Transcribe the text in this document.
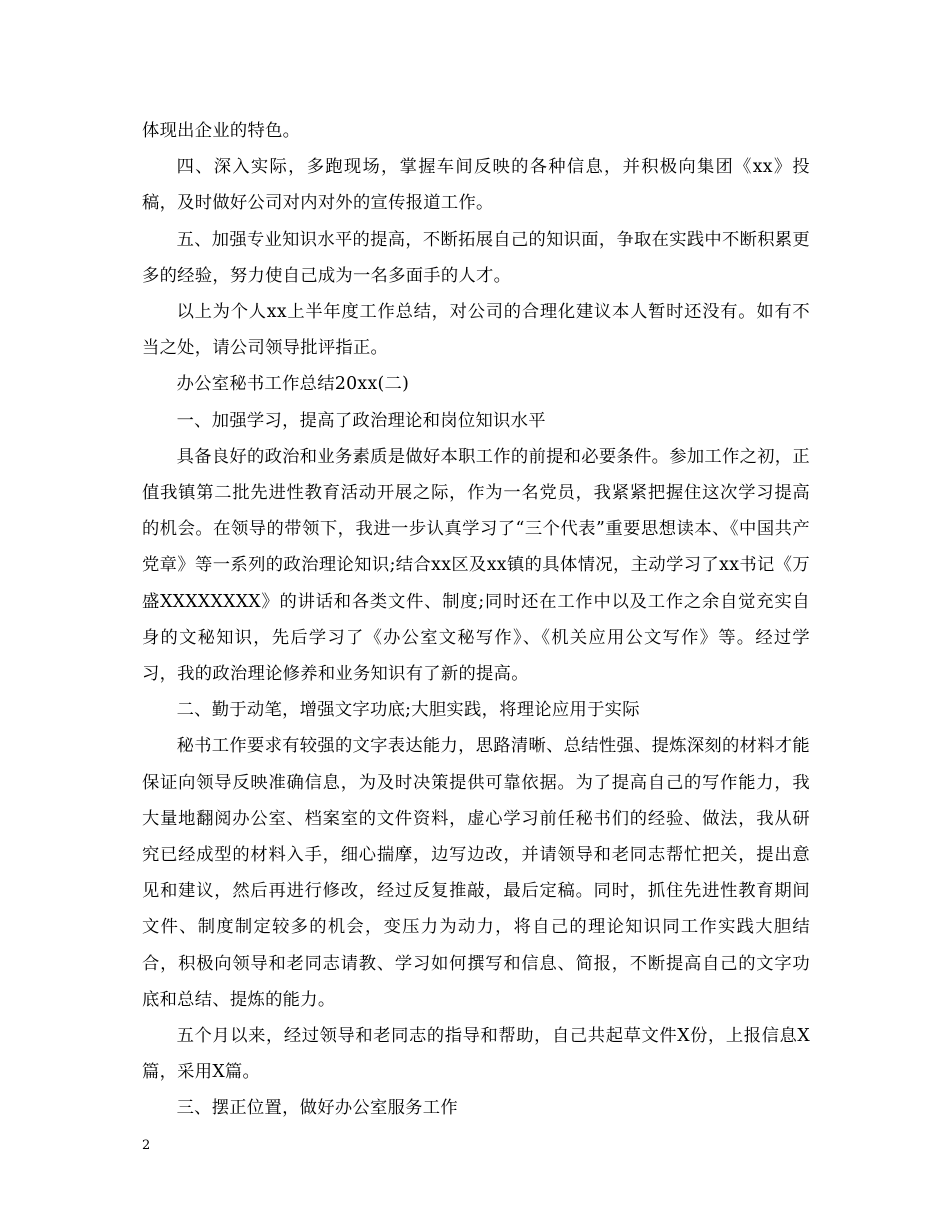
体现出企业的特色。

四、深入实际，多跑现场，掌握车间反映的各种信息，并积极向集团《xx》投稿，及时做好公司对内对外的宣传报道工作。

五、加强专业知识水平的提高，不断拓展自己的知识面，争取在实践中不断积累更多的经验，努力使自己成为一名多面手的人才。

以上为个人xx上半年度工作总结，对公司的合理化建议本人暂时还没有。如有不当之处，请公司领导批评指正。

办公室秘书工作总结20xx(二)

一、加强学习，提高了政治理论和岗位知识水平

具备良好的政治和业务素质是做好本职工作的前提和必要条件。参加工作之初，正值我镇第二批先进性教育活动开展之际，作为一名党员，我紧紧把握住这次学习提高的机会。在领导的带领下，我进一步认真学习了“三个代表”重要思想读本、《中国共产党章》等一系列的政治理论知识;结合xx区及xx镇的具体情况，主动学习了xx书记《万盛XXXXXXXX》的讲话和各类文件、制度;同时还在工作中以及工作之余自觉充实自身的文秘知识，先后学习了《办公室文秘写作》、《机关应用公文写作》等。经过学习，我的政治理论修养和业务知识有了新的提高。

二、勤于动笔，增强文字功底;大胆实践，将理论应用于实际

秘书工作要求有较强的文字表达能力，思路清晰、总结性强、提炼深刻的材料才能保证向领导反映准确信息，为及时决策提供可靠依据。为了提高自己的写作能力，我大量地翻阅办公室、档案室的文件资料，虚心学习前任秘书们的经验、做法，我从研究已经成型的材料入手，细心揣摩，边写边改，并请领导和老同志帮忙把关，提出意见和建议，然后再进行修改，经过反复推敲，最后定稿。同时，抓住先进性教育期间文件、制度制定较多的机会，变压力为动力，将自己的理论知识同工作实践大胆结合，积极向领导和老同志请教、学习如何撰写和信息、简报，不断提高自己的文字功底和总结、提炼的能力。

五个月以来，经过领导和老同志的指导和帮助，自己共起草文件X份，上报信息X篇，采用X篇。

三、摆正位置，做好办公室服务工作

2
